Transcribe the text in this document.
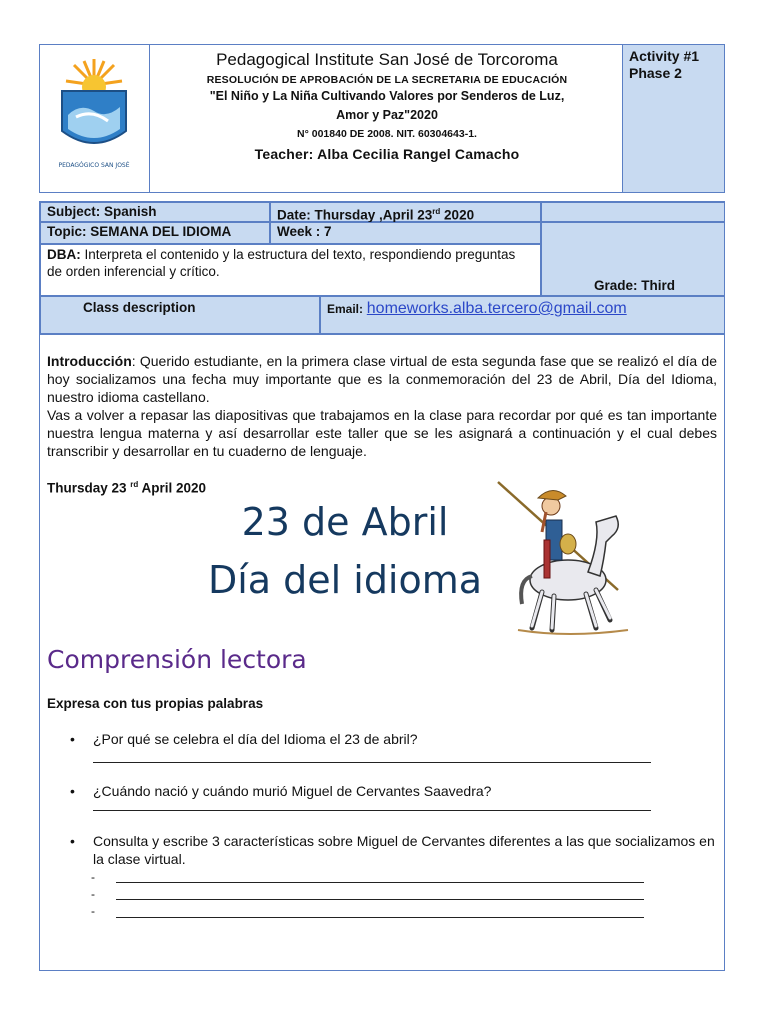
PEDAGÓGICO SAN JOSÉ
Pedagogical Institute San José de Torcoroma
RESOLUCIÓN DE APROBACIÓN DE LA SECRETARIA DE EDUCACIÓN
"El Niño y La Niña Cultivando Valores por Senderos de Luz,
Amor y Paz"2020
N° 001840 DE 2008. NIT. 60304643-1.
Teacher: Alba Cecilia Rangel Camacho
Activity #1
Phase 2
Subject: Spanish	Date: Thursday ,April 23rd 2020
Topic: SEMANA DEL IDIOMA	Week : 7
DBA: Interpreta el contenido y la estructura del texto, respondiendo preguntas de orden inferencial y crítico.
Grade: Third
Class description	Email: homeworks.alba.tercero@gmail.com
Introducción: Querido estudiante, en la primera clase virtual de esta segunda fase que se realizó el día de hoy socializamos una fecha muy importante que es la conmemoración del 23 de Abril, Día del Idioma, nuestro idioma castellano.
Vas a volver a repasar las diapositivas que trabajamos en la clase para recordar por qué es tan importante nuestra lengua materna y así desarrollar este taller que se les asignará a continuación y el cual debes transcribir y desarrollar en tu cuaderno de lenguaje.
Thursday 23 $^{rd}$ April 2020
23 de Abril
Día del idioma
Comprensión lectora
Expresa con tus propias palabras
• ¿Por qué se celebra el día del Idioma el 23 de abril?
• ¿Cuándo nació y cuándo murió Miguel de Cervantes Saavedra?
• Consulta y escribe 3 características sobre Miguel de Cervantes diferentes a las que socializamos en la clase virtual.
-
-
-
